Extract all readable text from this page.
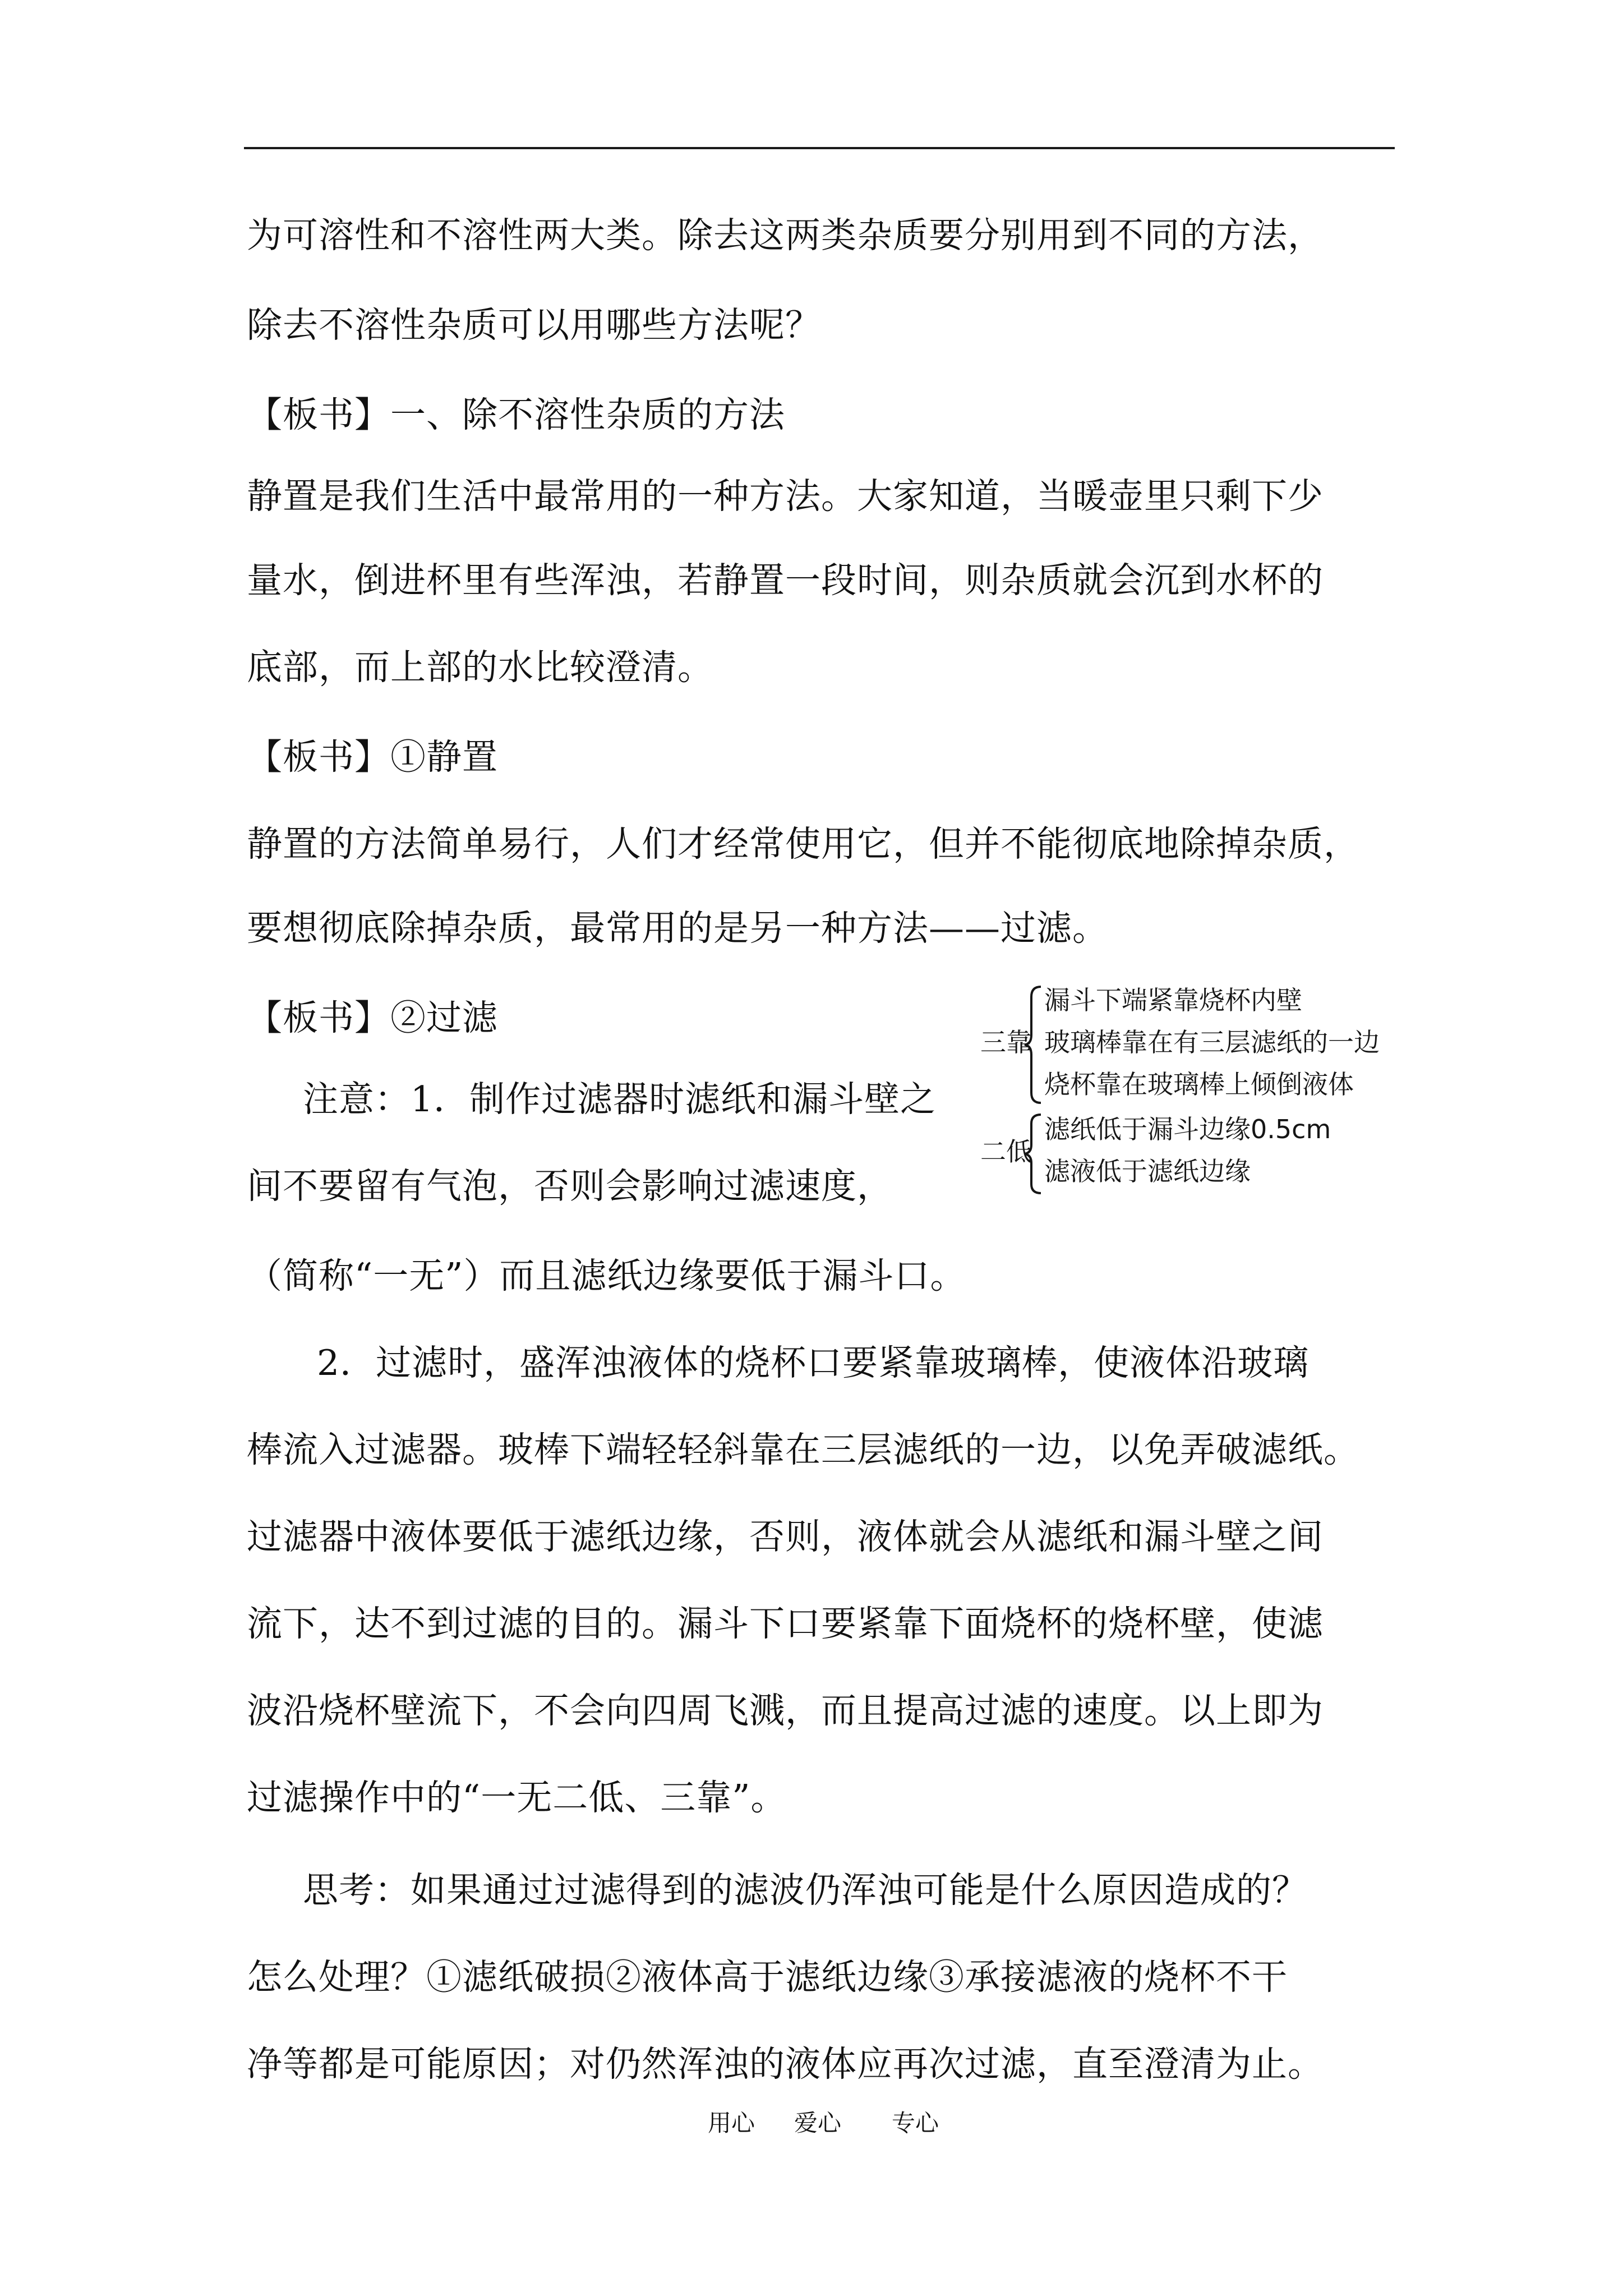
为可溶性和不溶性两大类。除去这两类杂质要分别用到不同的方法，
除去不溶性杂质可以用哪些方法呢？
【板书】一、除不溶性杂质的方法
静置是我们生活中最常用的一种方法。大家知道，当暖壶里只剩下少
量水，倒进杯里有些浑浊，若静置一段时间，则杂质就会沉到水杯的
底部，而上部的水比较澄清。
【板书】①静置
静置的方法简单易行，人们才经常使用它，但并不能彻底地除掉杂质，
要想彻底除掉杂质，最常用的是另一种方法——过滤。
【板书】②过滤
注意：1．制作过滤器时滤纸和漏斗壁之
间不要留有气泡，否则会影响过滤速度，
（简称“一无”）而且滤纸边缘要低于漏斗口。
2．过滤时，盛浑浊液体的烧杯口要紧靠玻璃棒，使液体沿玻璃
棒流入过滤器。玻棒下端轻轻斜靠在三层滤纸的一边，以免弄破滤纸。
过滤器中液体要低于滤纸边缘，否则，液体就会从滤纸和漏斗壁之间
流下，达不到过滤的目的。漏斗下口要紧靠下面烧杯的烧杯壁，使滤
波沿烧杯壁流下，不会向四周飞溅，而且提高过滤的速度。以上即为
过滤操作中的“一无二低、三靠”。
思考：如果通过过滤得到的滤波仍浑浊可能是什么原因造成的？
怎么处理？①滤纸破损②液体高于滤纸边缘③承接滤液的烧杯不干
净等都是可能原因；对仍然浑浊的液体应再次过滤，直至澄清为止。
三靠
漏斗下端紧靠烧杯内壁
玻璃棒靠在有三层滤纸的一边
烧杯靠在玻璃棒上倾倒液体
二低
滤纸低于漏斗边缘0.5cm
滤液低于滤纸边缘
用心 爱心 专心
